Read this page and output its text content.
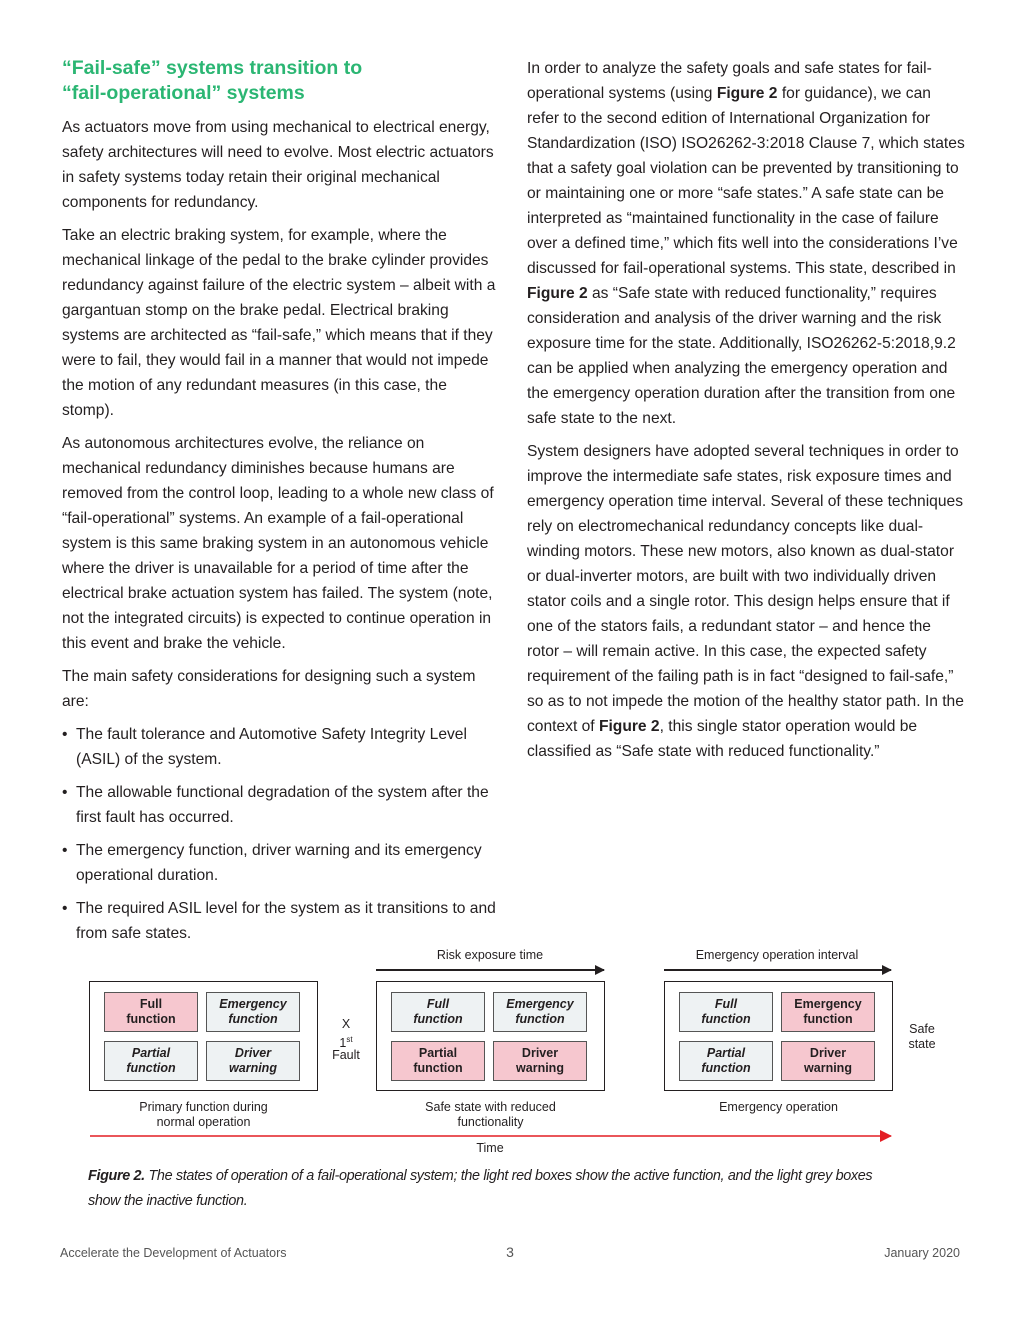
“Fail-safe” systems transition to
“fail-operational” systems

As actuators move from using mechanical to electrical energy, safety architectures will need to evolve. Most electric actuators in safety systems today retain their original mechanical components for redundancy.

Take an electric braking system, for example, where the mechanical linkage of the pedal to the brake cylinder provides redundancy against failure of the electric system – albeit with a gargantuan stomp on the brake pedal. Electrical braking systems are architected as “fail-safe,” which means that if they were to fail, they would fail in a manner that would not impede the motion of any redundant measures (in this case, the stomp).

As autonomous architectures evolve, the reliance on mechanical redundancy diminishes because humans are removed from the control loop, leading to a whole new class of “fail-operational” systems. An example of a fail-operational system is this same braking system in an autonomous vehicle where the driver is unavailable for a period of time after the electrical brake actuation system has failed. The system (note, not the integrated circuits) is expected to continue operation in this event and brake the vehicle.

The main safety considerations for designing such a system are:

• The fault tolerance and Automotive Safety Integrity Level (ASIL) of the system.
• The allowable functional degradation of the system after the first fault has occurred.
• The emergency function, driver warning and its emergency operational duration.
• The required ASIL level for the system as it transitions to and from safe states.

In order to analyze the safety goals and safe states for fail-operational systems (using Figure 2 for guidance), we can refer to the second edition of International Organization for Standardization (ISO) ISO26262-3:2018 Clause 7, which states that a safety goal violation can be prevented by transitioning to or maintaining one or more “safe states.” A safe state can be interpreted as “maintained functionality in the case of failure over a defined time,” which fits well into the considerations I’ve discussed for fail-operational systems. This state, described in Figure 2 as “Safe state with reduced functionality,” requires consideration and analysis of the driver warning and the risk exposure time for the state. Additionally, ISO26262-5:2018,9.2 can be applied when analyzing the emergency operation and the emergency operation duration after the transition from one safe state to the next.

System designers have adopted several techniques in order to improve the intermediate safe states, risk exposure times and emergency operation time interval. Several of these techniques rely on electromechanical redundancy concepts like dual-winding motors. These new motors, also known as dual-stator or dual-inverter motors, are built with two individually driven stator coils and a single rotor. This design helps ensure that if one of the stators fails, a redundant stator – and hence the rotor – will remain active. In this case, the expected safety requirement of the failing path is in fact “designed to fail-safe,” so as to not impede the motion of the healthy stator path. In the context of Figure 2, this single stator operation would be classified as “Safe state with reduced functionality.”

Risk exposure time	Emergency operation interval
Full
function
Emergency
function
Partial
function
Driver
warning
X
1st
Fault
Full
function
Emergency
function
Partial
function
Driver
warning
Full
function
Emergency
function
Partial
function
Driver
warning
Safe
state
Primary function during
normal operation
Safe state with reduced
functionality
Emergency operation
Time
Figure 2. The states of operation of a fail-operational system; the light red boxes show the active function, and the light grey boxes show the inactive function.
Accelerate the Development of Actuators	3	January 2020
